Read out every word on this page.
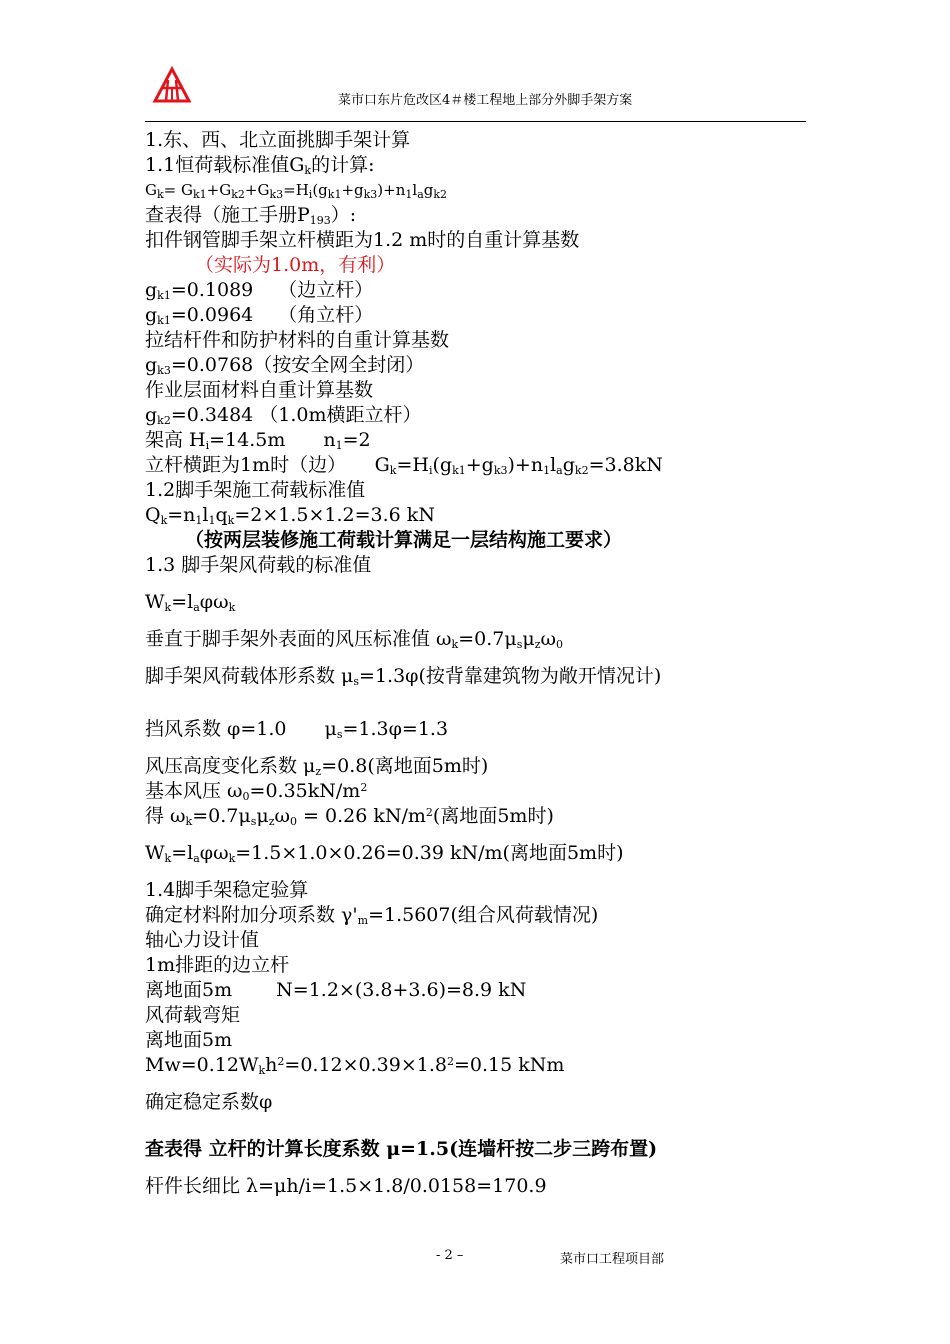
菜市口东片危改区4＃楼工程地上部分外脚手架方案
1.东、西、北立面挑脚手架计算
1.1恒荷载标准值$G_k$的计算:
$G_k= G_{k1}+G_{k2}+G_{k3}=H_i(g_{k1}+g_{k3})+n_1l_ag_{k2}$
查表得（施工手册$P_{193}$）:
扣件钢管脚手架立杆横距为1.2 m时的自重计算基数
（实际为1.0m，有利）
$g_{k1}=0.1089$　 （边立杆）
$g_{k1}=0.0964$　 （角立杆）
拉结杆件和防护材料的自重计算基数
$g_{k3}=0.0768$（按安全网全封闭）
作业层面材料自重计算基数
$g_{k2}=0.3484$ （1.0m横距立杆）
架高 $H_i=14.5m$　　$n_1=2$
立杆横距为1m时（边）　　$G_k=H_i(g_{k1}+g_{k3})+n_1l_ag_{k2}=3.8kN$
1.2脚手架施工荷载标准值
$Q_k=n_1l_1q_k=2\times 1.5\times 1.2=3.6$ kN
（按两层装修施工荷载计算满足一层结构施工要求）
1.3 脚手架风荷载的标准值
$W_k=l_a\varphi\omega_k$
垂直于脚手架外表面的风压标准值 $\omega_k=0.7\mu_s\mu_z\omega_0$
脚手架风荷载体形系数 $\mu_s=1.3\varphi$(按背靠建筑物为敞开情况计)
挡风系数 φ=1.0　　$\mu_s=1.3\varphi=1.3$
风压高度变化系数 $\mu_z=0.8$(离地面5m时)
基本风压 $\omega_0=0.35kN/m^2$
得 $\omega_k=0.7\mu_s\mu_z\omega_0 = 0.26$ $kN/m^2$(离地面5m时)
$W_k=l_a\varphi\omega_k=1.5\times 1.0\times 0.26=0.39$ kN/m(离地面5m时)
1.4脚手架稳定验算
确定材料附加分项系数 $\gamma'_m=1.5607$(组合风荷载情况)
轴心力设计值
1m排距的边立杆
离地面5m　　 N=1.2×(3.8+3.6)=8.9 kN
风荷载弯矩
离地面5m
$Mw=0.12W_kh^2=0.12\times 0.39\times 1.8^2=0.15$ kNm
确定稳定系数φ
查表得 立杆的计算长度系数 μ=1.5(连墙杆按二步三跨布置)
杆件长细比 λ=μh/i=1.5×1.8/0.0158=170.9
- 2 –	菜市口工程项目部
